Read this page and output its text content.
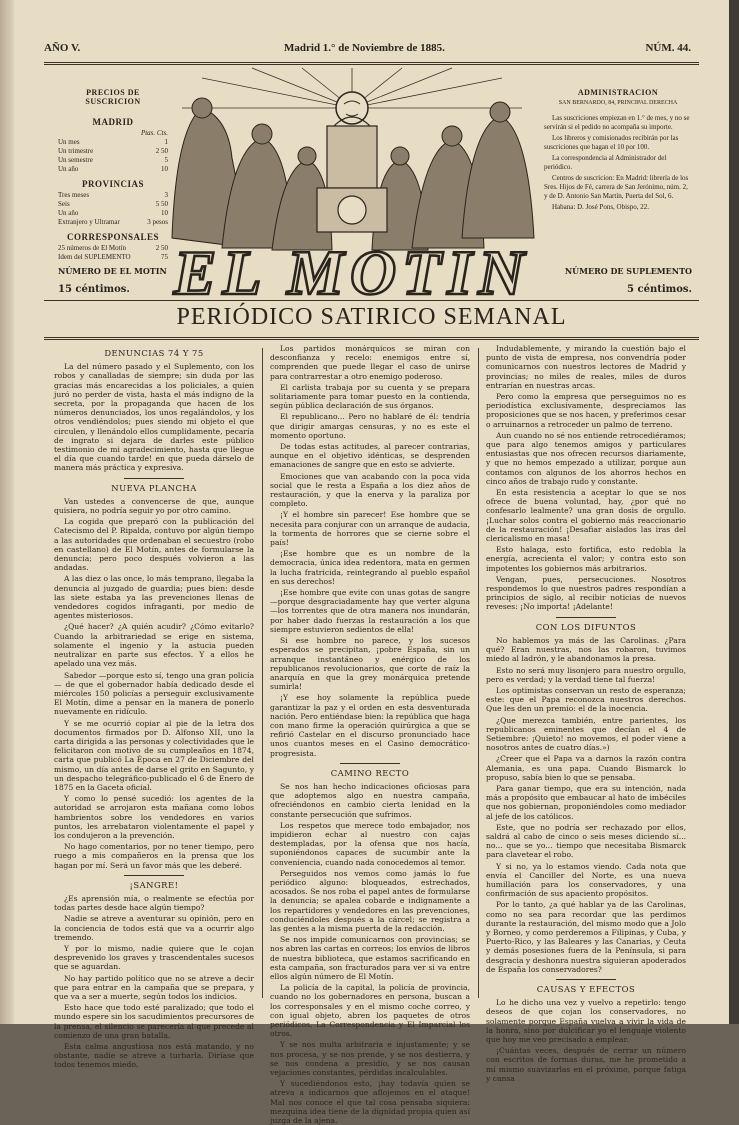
AÑO V.	Madrid 1.° de Noviembre de 1885.	NÚM. 44.
PRECIOS DE SUSCRICION
MADRID
Ptas. Cts.
Un mes	1
Un trimestre	2 50
Un semestre	5
Un año	10
PROVINCIAS
Tres meses	3
Seis	5 50
Un año	10
Extranjero y Ultramar	3 pesos
CORRESPONSALES
25 números de El Motín	2 50
Idem del SUPLEMENTO	75
NÚMERO DE EL MOTIN
15 céntimos.
ADMINISTRACION
SAN BERNARDO, 84, PRINCIPAL DERECHA
Las suscriciones empiezan en 1.° de mes, y no se servirán si el pedido no acompaña su importe.
Los libreros y comisionados recibirán por las suscriciones que hagan el 10 por 100.
La correspondencia al Administrador del periódico.
Centros de suscricion: En Madrid: librería de los Sres. Hijos de Fé, carrera de San Jerónimo, núm. 2, y de D. Antonio San Martín, Puerta del Sol, 6.
Habana: D. José Pons, Obispo, 22.
NÚMERO DE SUPLEMENTO
5 céntimos.
EL MOTIN
PERIÓDICO SATIRICO SEMANAL
DENUNCIAS 74 Y 75

La del número pasado y el Suplemento, con los robos y canalladas de siempre; sin duda por las gracias más encarecidas a los policiales, a quien juró no perder de vista, hasta el más indigno de la secreta, por la propaganda que hacen de los números denunciados, los unos regalándolos, y los otros vendiéndolos; pues siendo mi objeto el que circulen, y llenándolo ellos cumplidamente, pecaría de ingrato si dejara de darles este público testimonio de mi agradecimiento, hasta que llegue el día que cuando tarde! en que pueda dárselo de manera más práctica y expresiva.

NUEVA PLANCHA

Van ustedes a convencerse de que, aunque quisiera, no podría seguir yo por otro camino.

La cogida que preparó con la publicación del Catecismo del P. Ripalda, contuvo por algún tiempo a las autoridades que ordenaban el secuestro (robo en castellano) de El Motín, antes de formularse la denuncia; pero poco después volvieron a las andadas.

A las diez o las once, lo más temprano, llegaba la denuncia al juzgado de guardia; pues bien: desde las siete estaba ya las prevenciones llenas de vendedores cogidos infraganti, por medio de agentes misteriosos.

¿Qué hacer? ¿A quién acudir? ¿Cómo evitarlo? Cuando la arbitrariedad se erige en sistema, solamente el ingenio y la astucia pueden neutralizar en parte sus efectos. Y a ellos he apelado una vez más.

Sabedor —porque esto sí, tengo una gran policía— de que el gobernador había dedicado desde el miércoles 150 policías a perseguir exclusivamente El Motín, dime a pensar en la manera de ponerlo nuevamente en ridículo.

Y se me ocurrió copiar al pie de la letra dos documentos firmados por D. Alfonso XII, uno la carta dirigida a las personas y colectividades que le felicitaron con motivo de su cumpleaños en 1874, carta que publicó La Época en 27 de Diciembre del mismo, un día antes de darse el grito en Sagunto, y un despacho telegráfico-publicado el 6 de Enero de 1875 en la Gaceta oficial.

Y como lo pensé sucedió: los agentes de la autoridad se arrojaron esta mañana como lobos hambrientos sobre los vendedores en varios puntos, les arrebataron violentamente el papel y los condujeron a la prevención.

No hago comentarios, por no tener tiempo, pero ruego a mis compañeros en la prensa que los hagan por mí. Será un favor más que les deberé.

¡SANGRE!

¿Es aprensión mía, o realmente se efectúa por todas partes desde hace algún tiempo?

Nadie se atreve a aventurar su opinión, pero en la conciencia de todos está que va a ocurrir algo tremendo.

Y por lo mismo, nadie quiere que le cojan desprevenido los graves y trascendentales sucesos que se aguardan.

No hay partido político que no se atreve a decir que para entrar en la campaña que se prepara, y que va a ser a muerte, según todos los indicios.

Esto hace que todo esté paralizado; que todo el mundo espere sin los sacudimientos precursores de la prensa, el silencio se parecería al que precede al comienzo de una gran batalla.

Esta calma angustiosa nos está matando, y no obstante, nadie se atreve a turbarla. Diríase que todos tenemos miedo.

Los partidos monárquicos se miran con desconfianza y recelo: enemigos entre sí, comprenden que puede llegar el caso de unirse para contrarrestar a otro enemigo poderoso.

El carlista trabaja por su cuenta y se prepara solitariamente para tomar puesto en la contienda, según pública declaración de sus órganos.

El republicano... Pero no hablaré de él: tendría que dirigir amargas censuras, y no es este el momento oportuno.

De todas estas actitudes, al parecer contrarias, aunque en el objetivo idénticas, se desprenden emanaciones de sangre que en esto se advierte.

Emociones que van acabando con la poca vida social que le resta a España a los diez años de restauración, y que la enerva y la paraliza por completo.

¡Y el hombre sin parecer! Ese hombre que se necesita para conjurar con un arranque de audacia, la tormenta de horrores que se cierne sobre el país!

¡Ese hombre que es un nombre de la democracia, única idea redentora, mata en germen la lucha fratricida, reintegrando al pueblo español en sus derechos!

¡Ese hombre que evite con unas gotas de sangre—porque desgraciadamente hay que verter alguna—los torrentes que de otra manera nos inundarán, por haber dado fuerzas la restauración a los que siempre estuvieron sedientos de ella!

Si ese hombre no parece, y los sucesos esperados se precipitan, ¡pobre España, sin un arranque instantáneo y enérgico de los republicanos revolucionarios, que corte de raíz la anarquía en que la grey monárquica pretende sumirla!

¡Y ese hoy solamente la república puede garantizar la paz y el orden en esta desventurada nación. Pero entiéndase bien: la república que haga con mano firme la operación quirúrgica a que se refirió Castelar en el discurso pronunciado hace unos cuantos meses en el Casino democrático-progresista.

CAMINO RECTO

Se nos han hecho indicaciones oficiosas para que adoptemos algo en nuestra campaña, ofreciéndonos en cambio cierta lenidad en la constante persecución que sufrimos.

Los respetos que merece todo embajador, nos impidieron echar al nuestro con cajas destempladas, por la ofensa que nos hacía, suponiéndonos capaces de sucumbir ante la conveniencia, cuando nada conocedemos al temor.

Perseguidos nos vemos como jamás lo fue periódico alguno: bloqueados, estrechados, acosados. Se nos roba el papel antes de formularse la denuncia; se apalea cobarde e indignamente a los repartidores y vendedores en las prevenciones, conduciéndoles después a la cárcel; se registra a las gentes a la misma puerta de la redacción.

Se nos impide comunicarnos con provincias; se nos abren las cartas en correos; los envíos de libros de nuestra biblioteca, que estamos sacrificando en esta campaña, son fracturados para ver si va entre ellos algún número de El Motín.

La policía de la capital, la policía de provincia, cuando no los gobernadores en persona, buscan a los corresponsales y en el mismo coche correo, y con igual objeto, abren los paquetes de otros periódicos, La Correspondencia y El Imparcial los otros.

Y se nos multa arbitraria e injustamente; y se nos procesa, y se nos prende, y se nos destierra, y se nos condena a presidio, y se nos causan vejaciones constantes, pérdidas incalculables.

Y sucediéndonos esto, ¡hay todavía quien se atreva a indicarnos que aflojemos en el ataque! Mal nos conoce el que tal cosa pensaba siquiera: mezquina idea tiene de la dignidad propia quien así juzga de la ajena.

Indudablemente, y mirando la cuestión bajo el punto de vista de empresa, nos convendría poder comunicarnos con nuestros lectores de Madrid y provincias; no miles de reales, miles de duros entrarían en nuestras arcas.

Pero como la empresa que perseguimos no es periodística exclusivamente, despreciamos las proposiciones que se nos hacen, y preferimos cesar o arruinarnos a retroceder un palmo de terreno.

Aun cuando no sé nos entiende retrocediéramos; que para algo tenemos amigos y particulares entusiastas que nos ofrecen recursos diariamente, y que no hemos empezado a utilizar, porque aun contamos con algunos de los ahorros hechos en cinco años de trabajo rudo y constante.

En esta resistencia a aceptar lo que se nos ofrece de buena voluntad, hay, ¿por qué no confesarlo lealmente? una gran dosis de orgullo. ¡Luchar solos contra el gobierno más reaccionario de la restauración! ¡Desafiar aislados las iras del clericalismo en masa!

Esto halaga, esto fortifica, esto redobla la energía, acrecienta el valor; y contra esto son impotentes los gobiernos más arbitrarios.

Vengan, pues, persecuciones. Nosotros respondemos lo que nuestros padres respondían a principios de siglo, al recibir noticias de nuevos reveses: ¡No importa! ¡Adelante!

CON LOS DIFUNTOS

No hablemos ya más de las Carolinas. ¿Para qué? Eran nuestras, nos las robaron, tuvimos miedo al ladrón, y le abandonamos la presa.

Esto no será muy lisonjero para nuestro orgullo, pero es verdad; y la verdad tiene tal fuerza!

Los optimistas conservan un resto de esperanza; este: que el Papa reconozca nuestros derechos. Que les den un premio: el de la inocencia.

¿Que merezca también, entre parientes, los republicanos eminentes que decían el 4 de Setiembre: ¡Quieto! no movemos, el poder viene a nosotros antes de cuatro días.»)

¿Creer que el Papa va a darnos la razón contra Alemania, es una papa. Cuando Bismarck lo propuso, sabía bien lo que se pensaba.

Para ganar tiempo, que era su intención, nada más a propósito que embaucar al hato de imbéciles que nos gobiernan, proponiéndoles como mediador al jefe de los católicos.

Este, que no podría ser rechazado por ellos, saldrá al cabo de cinco o seis meses diciendo sí... no... que se yo... tiempo que necesitaba Bismarck para clavetear el robo.

Y si no, ya lo estamos viendo. Cada nota que envía el Canciller del Norte, es una nueva humillación para los conservadores, y una confirmación de sus apaciento propósitos.

Por lo tanto, ¿a qué hablar ya de las Carolinas, como no sea para recordar que las perdimos durante la restauración, del mismo modo que a Jolo y Borneo, y como perderemos a Filipinas, y Cuba, y Puerto-Rico, y las Baleares y las Canarias, y Ceuta y demás posesiones fuera de la Península, si para desgracia y deshonra nuestra siguieran apoderados de España los conservadores?

CAUSAS Y EFECTOS

Lo he dicho una vez y vuelvo a repetirlo: tengo deseos de que cojan los conservadores, no solamente porque España vuelva a vivir la vida de la honra, sino por dulcificar yo el lenguaje violento que hoy me veo precisado a emplear.

¡Cuántas veces, después de cerrar un número con escritos de formas duras, me he prometido a mí mismo suavizarlas en el próximo, porque fatiga y cansa
